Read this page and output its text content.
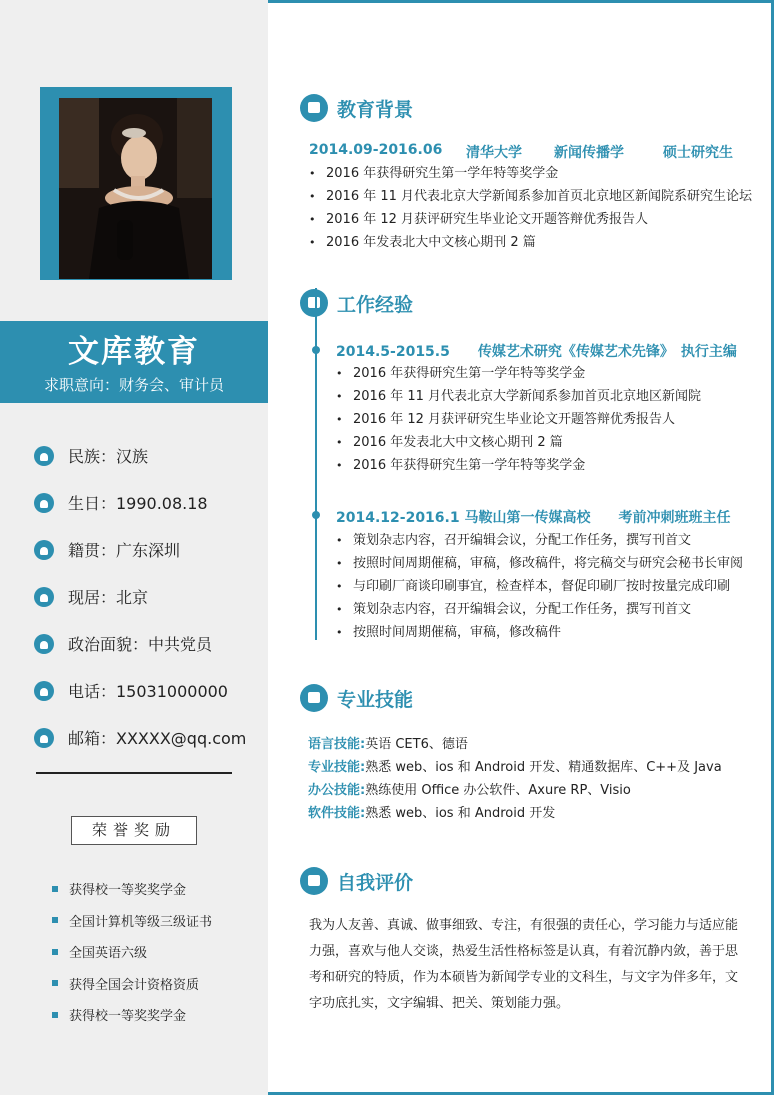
文库教育
求职意向：财务会、审计员
民族：汉族
生日：1990.08.18
籍贯：广东深圳
现居：北京
政治面貌：中共党员
电话：15031000000
邮箱：XXXXX@qq.com
荣誉奖励
获得校一等奖奖学金
全国计算机等级三级证书
全国英语六级
获得全国会计资格资质
获得校一等奖奖学金
教育背景
2014.09-2016.06 清华大学 新闻传播学	硕士研究生
• 2016 年获得研究生第一学年特等奖学金
• 2016 年 11 月代表北京大学新闻系参加首页北京地区新闻院系研究生论坛
• 2016 年 12 月获评研究生毕业论文开题答辩优秀报告人
• 2016 年发表北大中文核心期刊 2 篇
工作经验
2014.5-2015.5　　传媒艺术研究《传媒艺术先锋》　执行主编
• 2016 年获得研究生第一学年特等奖学金
• 2016 年 11 月代表北京大学新闻系参加首页北京地区新闻院
• 2016 年 12 月获评研究生毕业论文开题答辩优秀报告人
• 2016 年发表北大中文核心期刊 2 篇
• 2016 年获得研究生第一学年特等奖学金
2014.12-2016.1 马鞍山第一传媒高校　　考前冲刺班班主任
• 策划杂志内容，召开编辑会议，分配工作任务，撰写刊首文
• 按照时间周期催稿，审稿，修改稿件，将完稿交与研究会秘书长审阅
• 与印刷厂商谈印刷事宜，检查样本，督促印刷厂按时按量完成印刷
• 策划杂志内容，召开编辑会议，分配工作任务，撰写刊首文
• 按照时间周期催稿，审稿，修改稿件
专业技能
语言技能:英语 CET6、德语
专业技能:熟悉 web、ios 和 Android 开发、精通数据库、C++及 Java
办公技能:熟练使用 Office 办公软件、Axure RP、Visio
软件技能:熟悉 web、ios 和 Android 开发
自我评价
我为人友善、真诚、做事细致、专注，有很强的责任心，学习能力与适应能力强，喜欢与他人交谈，热爱生活性格标签是认真，有着沉静内敛，善于思考和研究的特质，作为本硕皆为新闻学专业的文科生，与文字为伴多年，文字功底扎实，文字编辑、把关、策划能力强。
